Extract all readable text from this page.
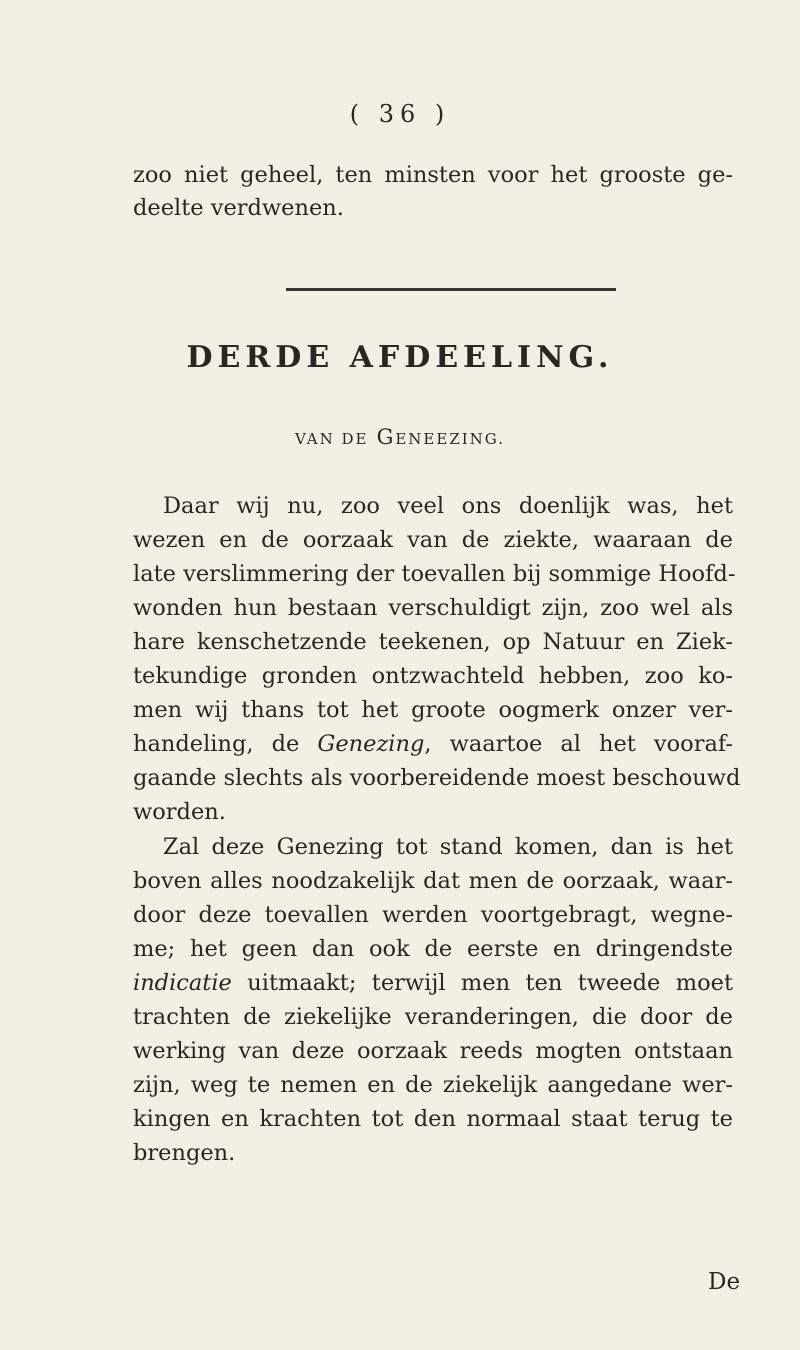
( 36 )
zoo niet geheel, ten minsten voor het grooste ge-
deelte verdwenen.
DERDE AFDEELING.
VAN DE GENEEZING.
Daar wij nu, zoo veel ons doenlijk was, het
wezen en de oorzaak van de ziekte, waaraan de
late verslimmering der toevallen bij sommige Hoofd-
wonden hun bestaan verschuldigt zijn, zoo wel als
hare kenschetzende teekenen, op Natuur en Ziek-
tekundige gronden ontzwachteld hebben, zoo ko-
men wij thans tot het groote oogmerk onzer ver-
handeling, de Genezing, waartoe al het vooraf-
gaande slechts als voorbereidende moest beschouwd
worden.
Zal deze Genezing tot stand komen, dan is het
boven alles noodzakelijk dat men de oorzaak, waar-
door deze toevallen werden voortgebragt, wegne-
me; het geen dan ook de eerste en dringendste
indicatie uitmaakt; terwijl men ten tweede moet
trachten de ziekelijke veranderingen, die door de
werking van deze oorzaak reeds mogten ontstaan
zijn, weg te nemen en de ziekelijk aangedane wer-
kingen en krachten tot den normaal staat terug te
brengen.
De
